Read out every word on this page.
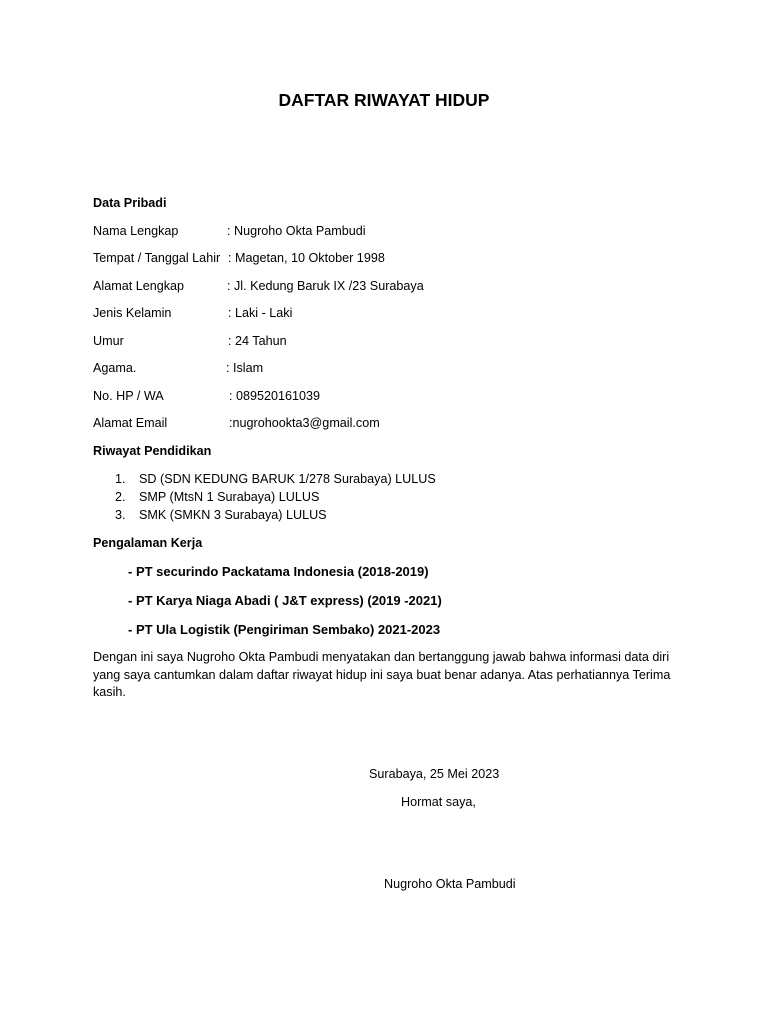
DAFTAR RIWAYAT HIDUP
Data Pribadi
Nama Lengkap	: Nugroho Okta Pambudi
Tempat / Tanggal Lahir : Magetan, 10 Oktober 1998
Alamat Lengkap	: Jl. Kedung Baruk IX /23 Surabaya
Jenis Kelamin	: Laki - Laki
Umur	: 24 Tahun
Agama.	: Islam
No. HP / WA	: 089520161039
Alamat Email	:nugrohookta3@gmail.com
Riwayat Pendidikan
1. SD (SDN KEDUNG BARUK 1/278 Surabaya) LULUS
2. SMP (MtsN 1 Surabaya) LULUS
3. SMK (SMKN 3 Surabaya) LULUS
Pengalaman Kerja
- PT securindo Packatama Indonesia (2018-2019)
- PT Karya Niaga Abadi ( J&T express) (2019 -2021)
- PT Ula Logistik (Pengiriman Sembako) 2021-2023
Dengan ini saya Nugroho Okta Pambudi menyatakan dan bertanggung jawab bahwa informasi data diri yang saya cantumkan dalam daftar riwayat hidup ini saya buat benar adanya. Atas perhatiannya Terima kasih.
Surabaya, 25 Mei 2023
Hormat saya,
Nugroho Okta Pambudi
